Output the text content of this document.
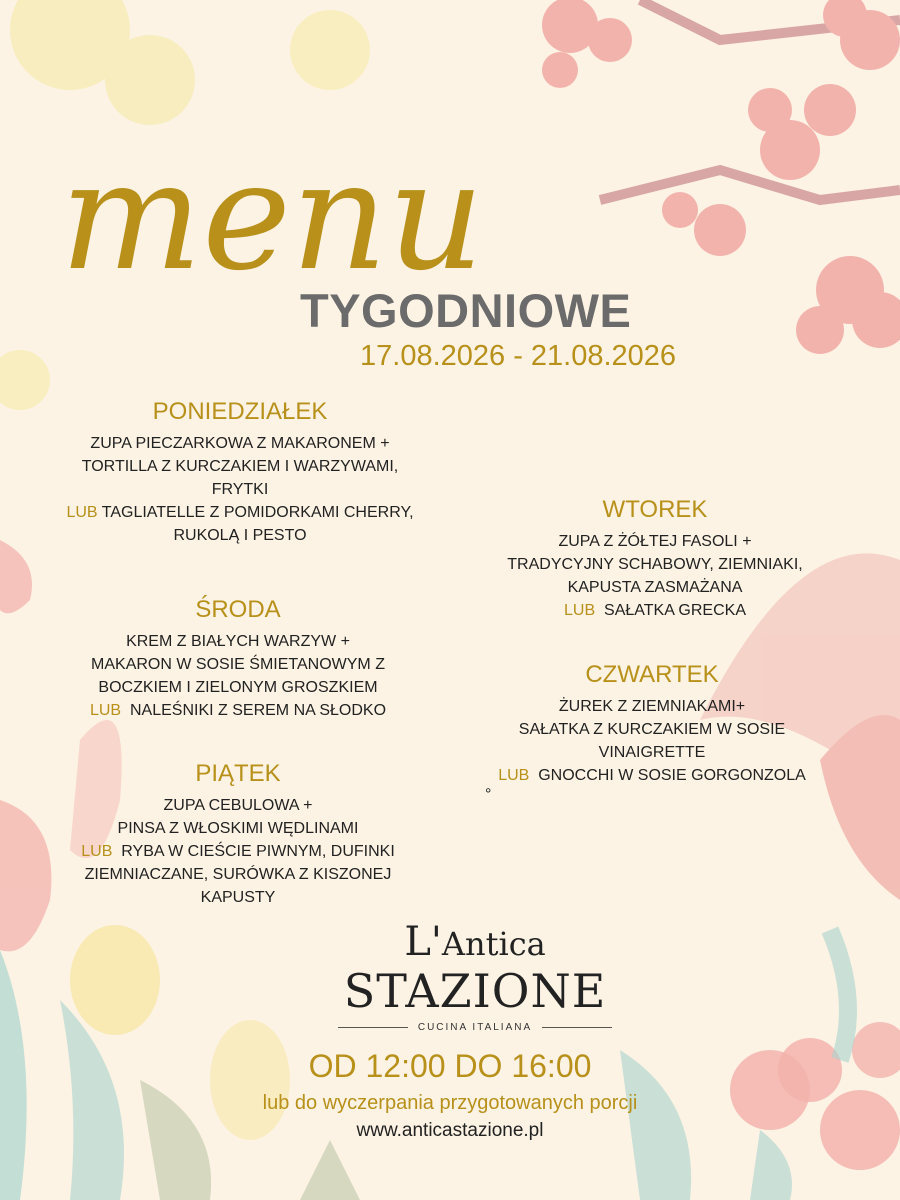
menu
TYGODNIOWE
17.08.2026 - 21.08.2026
PONIEDZIAŁEK
ZUPA PIECZARKOWA Z MAKARONEM +
TORTILLA Z KURCZAKIEM I WARZYWAMI,
FRYTKI
LUB TAGLIATELLE Z POMIDORKAMI CHERRY,
RUKOLĄ I PESTO
WTOREK
ZUPA Z ŻÓŁTEJ FASOLI +
TRADYCYJNY SCHABOWY, ZIEMNIAKI,
KAPUSTA ZASMAŻANA
LUB SAŁATKA GRECKA
ŚRODA
KREM Z BIAŁYCH WARZYW +
MAKARON W SOSIE ŚMIETANOWYM Z
BOCZKIEM I ZIELONYM GROSZKIEM
LUB NALEŚNIKI Z SEREM NA SŁODKO
CZWARTEK
ŻUREK Z ZIEMNIAKAMI+
SAŁATKA Z KURCZAKIEM W SOSIE
VINAIGRETTE
LUB GNOCCHI W SOSIE GORGONZOLA
°
PIĄTEK
ZUPA CEBULOWA +
PINSA Z WŁOSKIMI WĘDLINAMI
LUB RYBA W CIEŚCIE PIWNYM, DUFINKI
ZIEMNIACZANE, SURÓWKA Z KISZONEJ
KAPUSTY
L'Antica
STAZIONE
CUCINA ITALIANA
OD 12:00 DO 16:00
lub do wyczerpania przygotowanych porcji
www.anticastazione.pl
